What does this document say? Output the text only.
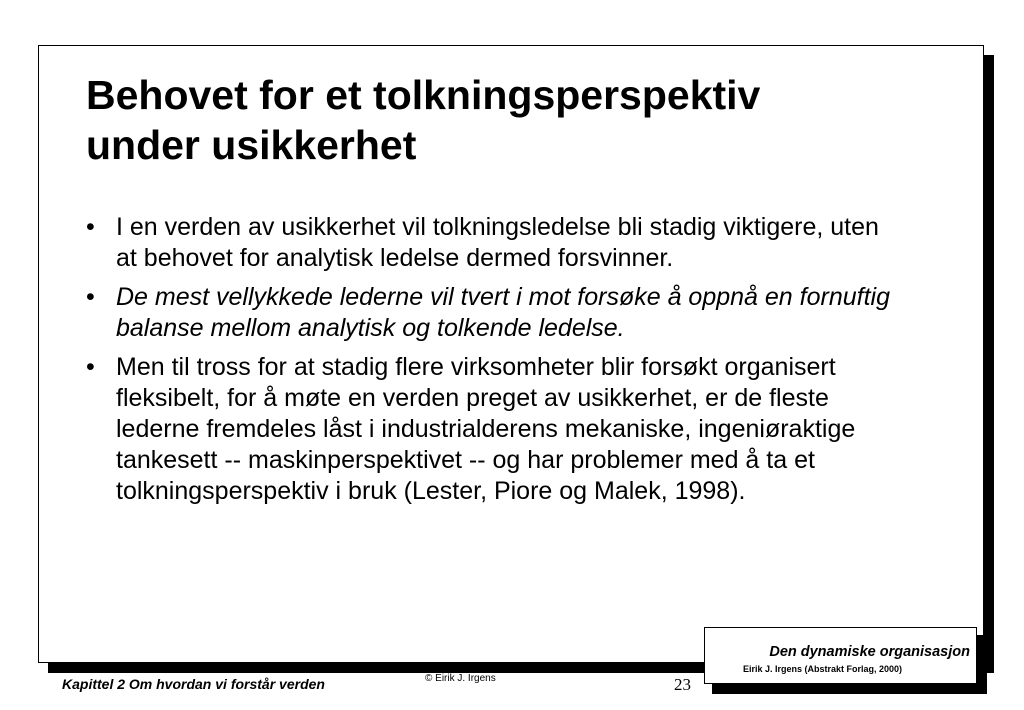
Behovet for et tolkningsperspektiv
under usikkerhet
• I en verden av usikkerhet vil tolkningsledelse bli stadig viktigere, uten at behovet for analytisk ledelse dermed forsvinner.
• De mest vellykkede lederne vil tvert i mot forsøke å oppnå en fornuftig balanse mellom analytisk og tolkende ledelse.
• Men til tross for at stadig flere virksomheter blir forsøkt organisert fleksibelt, for å møte en verden preget av usikkerhet, er de fleste lederne fremdeles låst i industrialderens mekaniske, ingeniøraktige tankesett -- maskinperspektivet -- og har problemer med å ta et tolkningsperspektiv i bruk (Lester, Piore og Malek, 1998).
Den dynamiske organisasjon
Eirik J. Irgens (Abstrakt Forlag, 2000)
Kapittel 2 Om hvordan vi forstår verden	© Eirik J. Irgens	23
